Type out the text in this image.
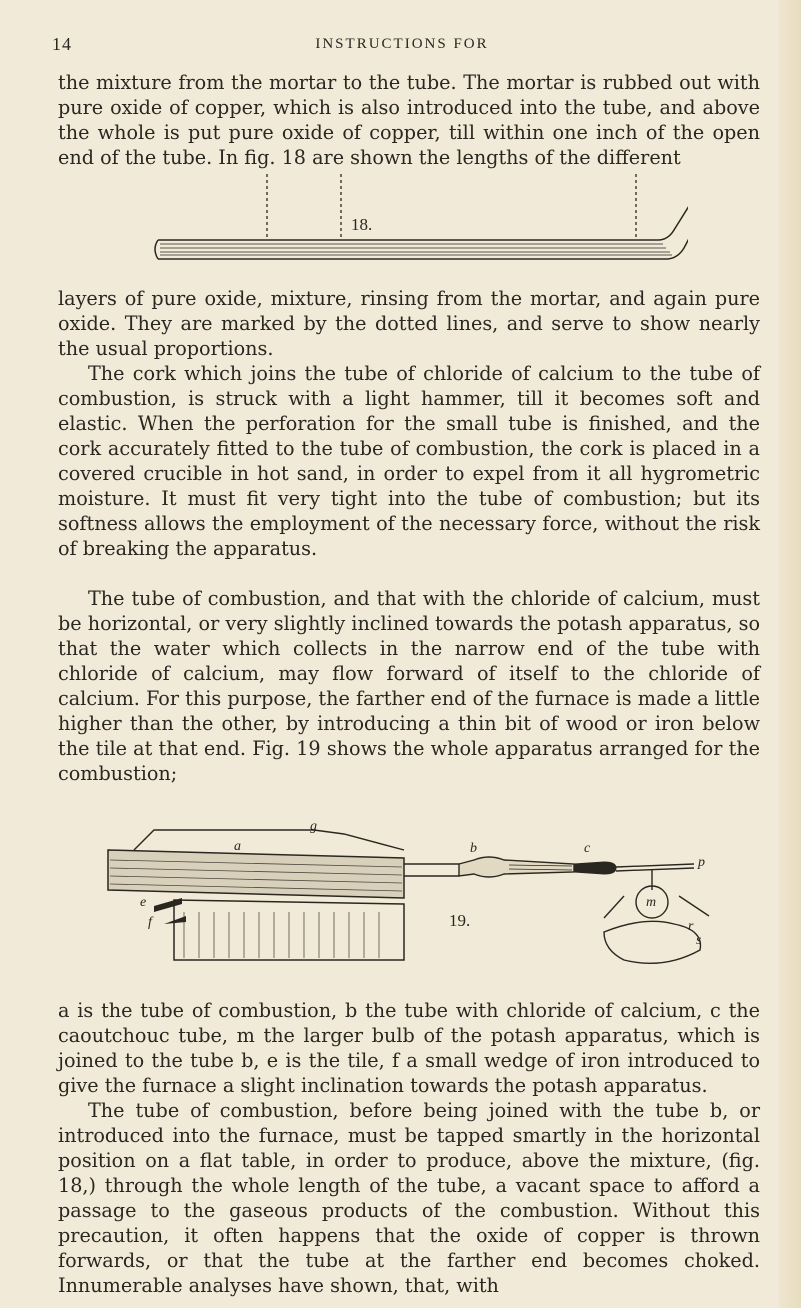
14	INSTRUCTIONS FOR

the mixture from the mortar to the tube. The mortar is rubbed out with pure oxide of copper, which is also introduced into the tube, and above the whole is put pure oxide of copper, till within one inch of the open end of the tube. In fig. 18 are shown the lengths of the different

18.

layers of pure oxide, mixture, rinsing from the mortar, and again pure oxide. They are marked by the dotted lines, and serve to show nearly the usual proportions.

The cork which joins the tube of chloride of calcium to the tube of combustion, is struck with a light hammer, till it becomes soft and elastic. When the perforation for the small tube is finished, and the cork accurately fitted to the tube of combustion, the cork is placed in a covered crucible in hot sand, in order to expel from it all hygrometric moisture. It must fit very tight into the tube of combustion; but its softness allows the employment of the necessary force, without the risk of breaking the apparatus.

The tube of combustion, and that with the chloride of calcium, must be horizontal, or very slightly inclined towards the potash apparatus, so that the water which collects in the narrow end of the tube with chloride of calcium, may flow forward of itself to the chloride of calcium. For this purpose, the farther end of the furnace is made a little higher than the other, by introducing a thin bit of wood or iron below the tile at that end. Fig. 19 shows the whole apparatus arranged for the combustion;

19.
g
a
e
f
b	c
p
m
r
s

a is the tube of combustion, b the tube with chloride of calcium, c the caoutchouc tube, m the larger bulb of the potash apparatus, which is joined to the tube b, e is the tile, f a small wedge of iron introduced to give the furnace a slight inclination towards the potash apparatus.

The tube of combustion, before being joined with the tube b, or introduced into the furnace, must be tapped smartly in the horizontal position on a flat table, in order to produce, above the mixture, (fig. 18,) through the whole length of the tube, a vacant space to afford a passage to the gaseous products of the combustion. Without this precaution, it often happens that the oxide of copper is thrown forwards, or that the tube at the farther end becomes choked. Innumerable analyses have shown, that, with
